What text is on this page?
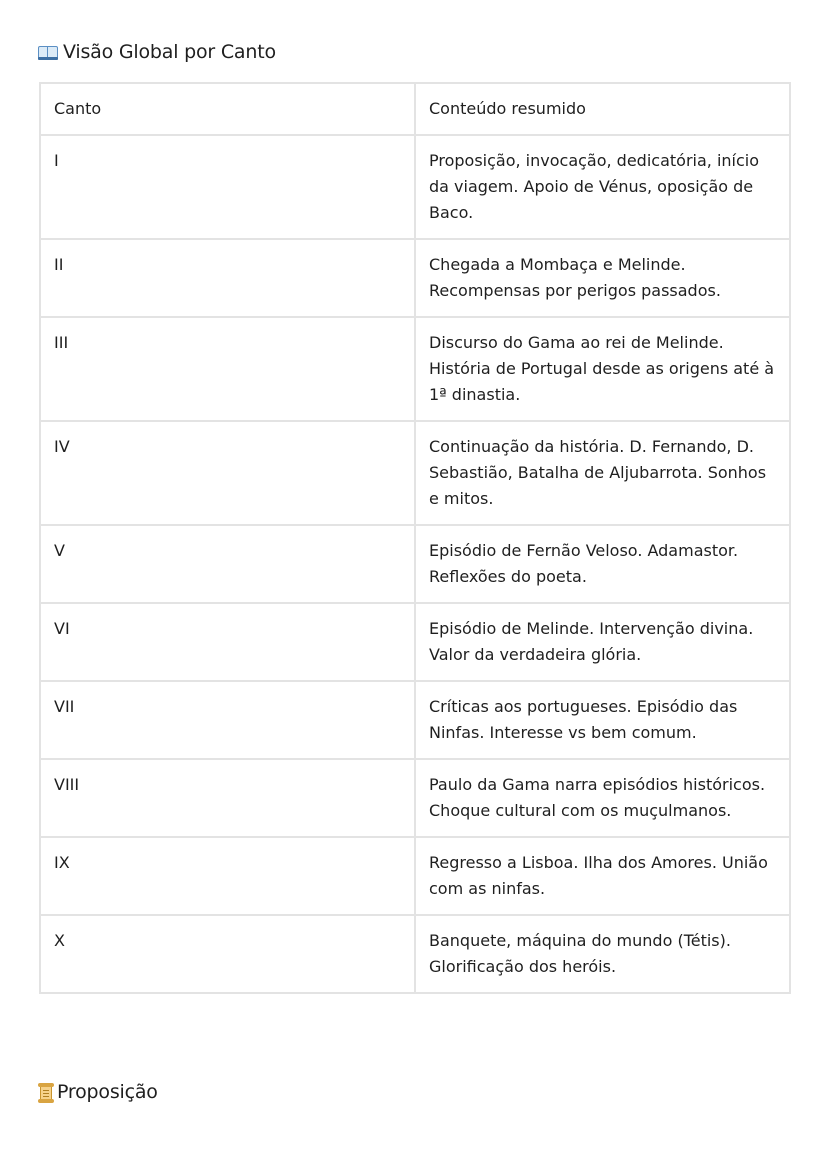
Visão Global por Canto
Canto	Conteúdo resumido
I	Proposição, invocação, dedicatória, início da viagem. Apoio de Vénus, oposição de Baco.
II	Chegada a Mombaça e Melinde. Recompensas por perigos passados.
III	Discurso do Gama ao rei de Melinde. História de Portugal desde as origens até à 1ª dinastia.
IV	Continuação da história. D. Fernando, D. Sebastião, Batalha de Aljubarrota. Sonhos e mitos.
V	Episódio de Fernão Veloso. Adamastor. Reflexões do poeta.
VI	Episódio de Melinde. Intervenção divina. Valor da verdadeira glória.
VII	Críticas aos portugueses. Episódio das Ninfas. Interesse vs bem comum.
VIII	Paulo da Gama narra episódios históricos. Choque cultural com os muçulmanos.
IX	Regresso a Lisboa. Ilha dos Amores. União com as ninfas.
X	Banquete, máquina do mundo (Tétis). Glorificação dos heróis.
Proposição
